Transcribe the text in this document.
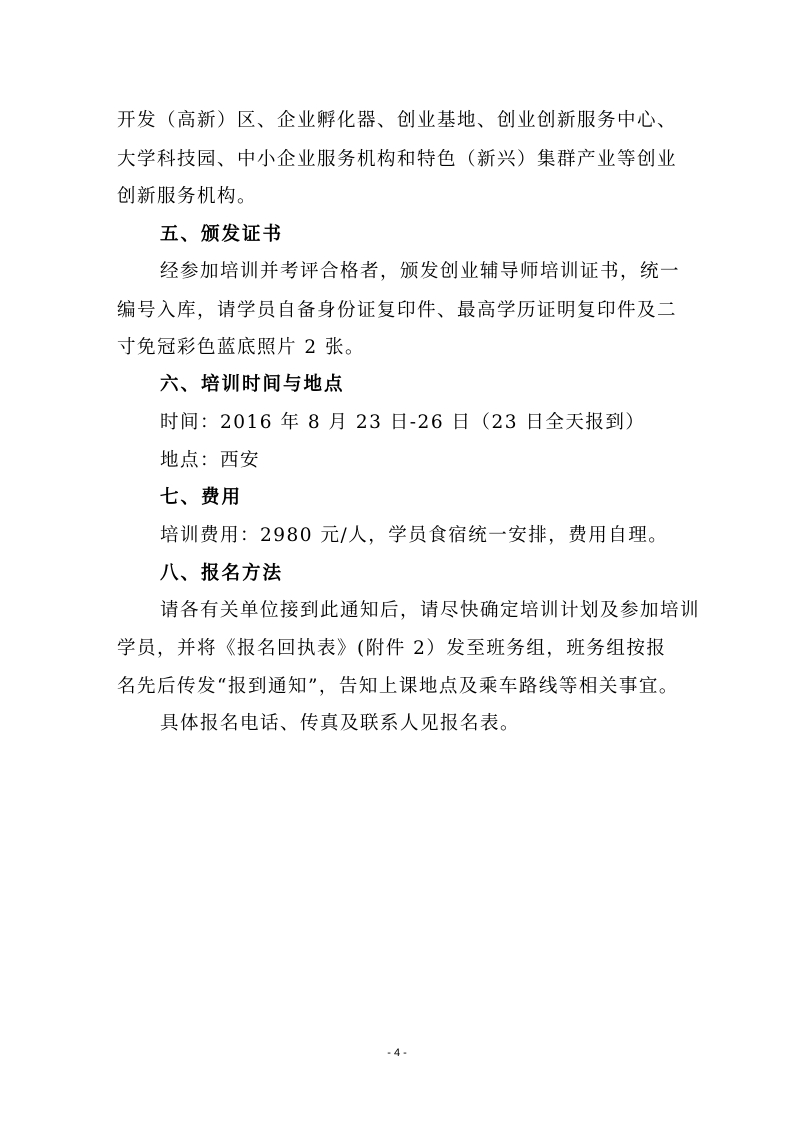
开发（高新）区、企业孵化器、创业基地、创业创新服务中心、
大学科技园、中小企业服务机构和特色（新兴）集群产业等创业
创新服务机构。
五、颁发证书
经参加培训并考评合格者，颁发创业辅导师培训证书，统一
编号入库，请学员自备身份证复印件、最高学历证明复印件及二
寸免冠彩色蓝底照片 2 张。
六、培训时间与地点
时间：2016 年 8 月 23 日-26 日（23 日全天报到）
地点：西安
七、费用
培训费用：2980 元/人，学员食宿统一安排，费用自理。
八、报名方法
请各有关单位接到此通知后，请尽快确定培训计划及参加培训
学员，并将《报名回执表》(附件 2）发至班务组，班务组按报
名先后传发“报到通知”，告知上课地点及乘车路线等相关事宜。
具体报名电话、传真及联系人见报名表。
- 4 -
